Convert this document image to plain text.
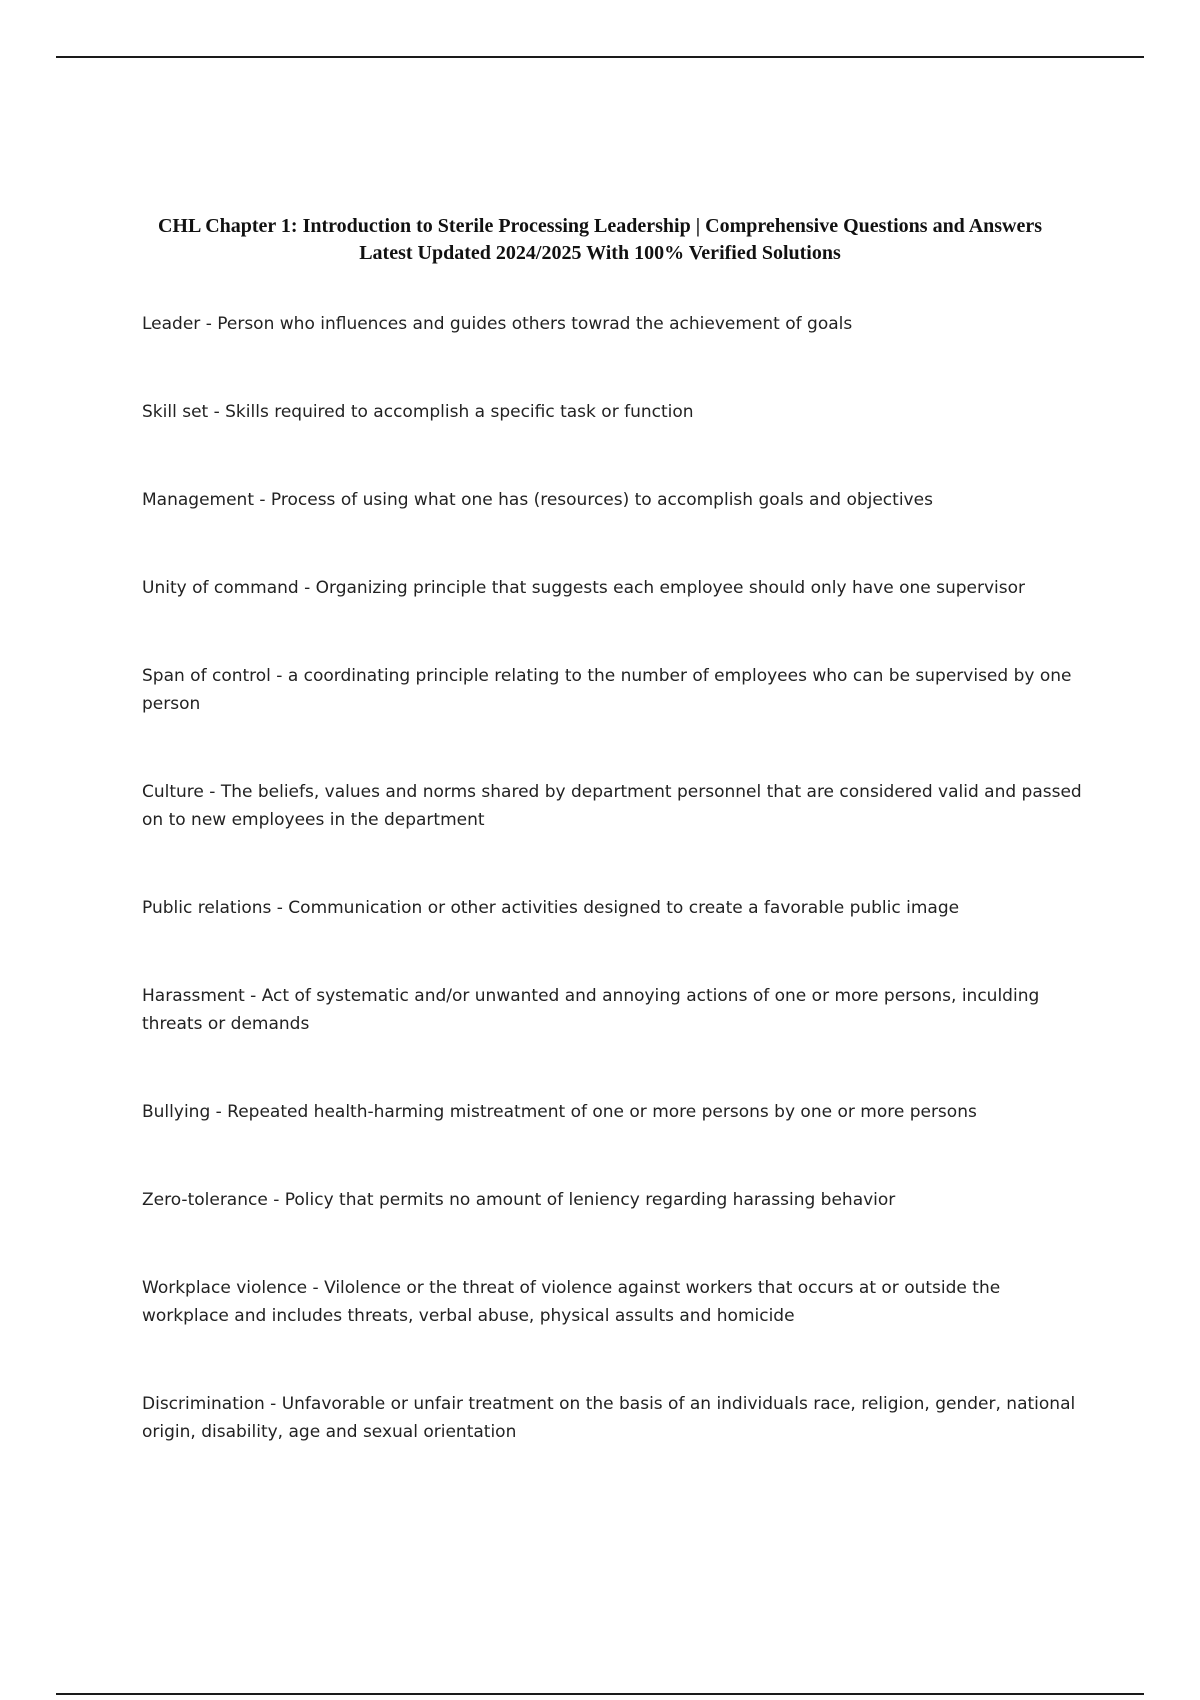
CHL Chapter 1: Introduction to Sterile Processing Leadership | Comprehensive Questions and Answers Latest Updated 2024/2025 With 100% Verified Solutions

Leader - Person who influences and guides others towrad the achievement of goals

Skill set - Skills required to accomplish a specific task or function

Management - Process of using what one has (resources) to accomplish goals and objectives

Unity of command - Organizing principle that suggests each employee should only have one supervisor

Span of control - a coordinating principle relating to the number of employees who can be supervised by one person

Culture - The beliefs, values and norms shared by department personnel that are considered valid and passed on to new employees in the department

Public relations - Communication or other activities designed to create a favorable public image

Harassment - Act of systematic and/or unwanted and annoying actions of one or more persons, inculding threats or demands

Bullying - Repeated health-harming mistreatment of one or more persons by one or more persons

Zero-tolerance - Policy that permits no amount of leniency regarding harassing behavior

Workplace violence - Vilolence or the threat of violence against workers that occurs at or outside the workplace and includes threats, verbal abuse, physical assults and homicide

Discrimination - Unfavorable or unfair treatment on the basis of an individuals race, religion, gender, national origin, disability, age and sexual orientation
